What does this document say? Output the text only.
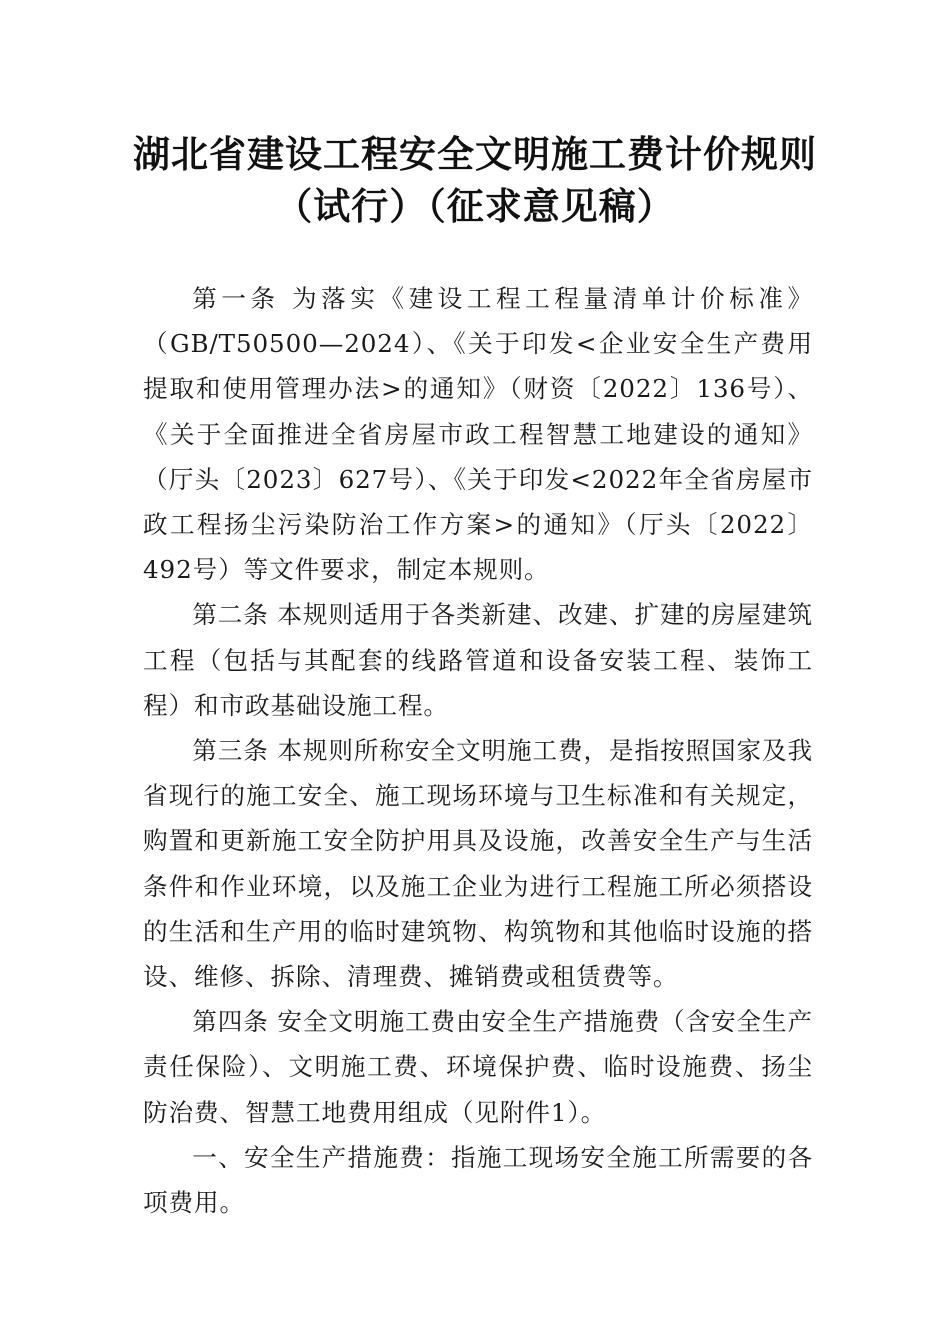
湖北省建设工程安全文明施工费计价规则
（试行）（征求意见稿）

第一条 为落实《建设工程工程量清单计价标准》（GB/T50500—2024）、《关于印发<企业安全生产费用提取和使用管理办法>的通知》（财资〔2022〕136号）、《关于全面推进全省房屋市政工程智慧工地建设的通知》（厅头〔2023〕627号）、《关于印发<2022年全省房屋市政工程扬尘污染防治工作方案>的通知》（厅头〔2022〕492号）等文件要求，制定本规则。

第二条 本规则适用于各类新建、改建、扩建的房屋建筑工程（包括与其配套的线路管道和设备安装工程、装饰工程）和市政基础设施工程。

第三条 本规则所称安全文明施工费，是指按照国家及我省现行的施工安全、施工现场环境与卫生标准和有关规定，购置和更新施工安全防护用具及设施，改善安全生产与生活条件和作业环境，以及施工企业为进行工程施工所必须搭设的生活和生产用的临时建筑物、构筑物和其他临时设施的搭设、维修、拆除、清理费、摊销费或租赁费等。

第四条 安全文明施工费由安全生产措施费（含安全生产责任保险）、文明施工费、环境保护费、临时设施费、扬尘防治费、智慧工地费用组成（见附件1）。

一、安全生产措施费：指施工现场安全施工所需要的各项费用。
